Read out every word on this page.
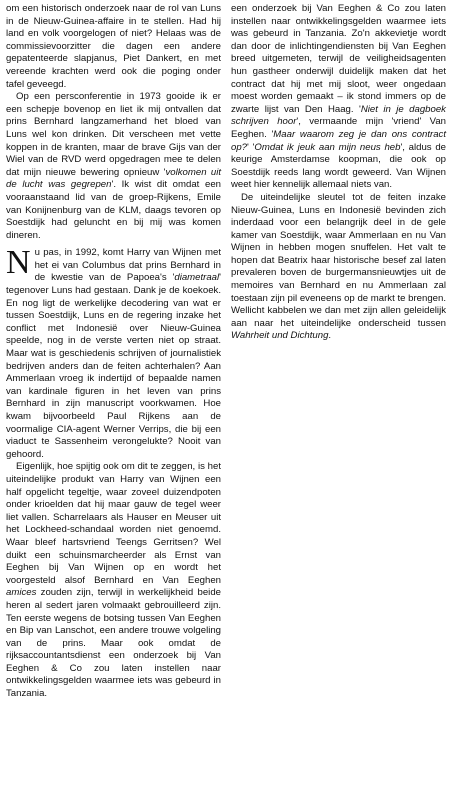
om een historisch onderzoek naar de rol van Luns in de Nieuw-Guinea-affaire in te stellen. Had hij land en volk voorgelogen of niet? Helaas was de commissievoorzitter die dagen een andere gepatenteerde slapjanus, Piet Dankert, en met vereende krachten werd ook die poging onder tafel geveegd.

Op een persconferentie in 1973 gooide ik er een schepje bovenop en liet ik mij ontvallen dat prins Bernhard langzamerhand het bloed van Luns wel kon drinken. Dit verscheen met vette koppen in de kranten, maar de brave Gijs van der Wiel van de RVD werd opgedragen mee te delen dat mijn nieuwe bewering opnieuw 'volkomen uit de lucht was gegrepen'. Ik wist dit omdat een vooraanstaand lid van de groep-Rijkens, Emile van Konijnenburg van de KLM, daags tevoren op Soestdijk had geluncht en bij mij was komen dineren.

Nu pas, in 1992, komt Harry van Wijnen met het ei van Columbus dat prins Bernhard in de kwestie van de Papoea's 'diametraal' tegenover Luns had gestaan. Dank je de koekoek. En nog ligt de werkelijke decodering van wat er tussen Soestdijk, Luns en de regering inzake het conflict met Indonesië over Nieuw-Guinea speelde, nog in de verste verten niet op straat. Maar wat is geschiedenis schrijven of journalistiek bedrijven anders dan de feiten achterhalen? Aan Ammerlaan vroeg ik indertijd of bepaalde namen van kardinale figuren in het leven van prins Bernhard in zijn manuscript voorkwamen. Hoe kwam bijvoorbeeld Paul Rijkens aan de voormalige CIA-agent Werner Verrips, die bij een viaduct te Sassenheim verongelukte? Nooit van gehoord.

Eigenlijk, hoe spijtig ook om dit te zeggen, is het uiteindelijke produkt van Harry van Wijnen een half opgelicht tegeltje, waar zoveel duizendpoten onder krioelden dat hij maar gauw de tegel weer liet vallen. Scharrelaars als Hauser en Meuser uit het Lockheed-schandaal worden niet genoemd. Waar bleef hartsvriend Teengs Gerritsen? Wel duikt een schuinsmarcheerder als Ernst van Eeghen bij Van Wijnen op en wordt het voorgesteld alsof Bernhard en Van Eeghen amices zouden zijn, terwijl in werkelijkheid beide heren al sedert jaren volmaakt gebrouilleerd zijn. Ten eerste wegens de botsing tussen Van Eeghen en Bip van Lanschot, een andere trouwe volgeling van de prins. Maar ook omdat de rijksaccountantsdienst een onderzoek bij Van Eeghen & Co zou laten instellen naar ontwikkelingsgelden waarmee iets was gebeurd in Tanzania.

een onderzoek bij Van Eeghen & Co zou laten instellen naar ontwikkelingsgelden waarmee iets was gebeurd in Tanzania. Zo'n akkevietje wordt dan door de inlichtingendiensten bij Van Eeghen breed uitgemeten, terwijl de veiligheidsagenten hun gastheer onderwijl duidelijk maken dat het contract dat hij met mij sloot, weer ongedaan moest worden gemaakt – ik stond immers op de zwarte lijst van Den Haag. 'Niet in je dagboek schrijven hoor', vermaande mijn 'vriend' Van Eeghen. 'Maar waarom zeg je dan ons contract op?' 'Omdat ik jeuk aan mijn neus heb', aldus de keurige Amsterdamse koopman, die ook op Soestdijk reeds lang wordt geweerd. Van Wijnen weet hier kennelijk allemaal niets van.

De uiteindelijke sleutel tot de feiten inzake Nieuw-Guinea, Luns en Indonesië bevinden zich inderdaad voor een belangrijk deel in de gele kamer van Soestdijk, waar Ammerlaan en nu Van Wijnen in hebben mogen snuffelen. Het valt te hopen dat Beatrix haar historische besef zal laten prevaleren boven de burgermansnieuwtjes uit de memoires van Bernhard en nu Ammerlaan zal toestaan zijn pil eveneens op de markt te brengen. Wellicht kabbelen we dan met zijn allen geleidelijk aan naar het uiteindelijke onderscheid tussen Wahrheit und Dichtung.
